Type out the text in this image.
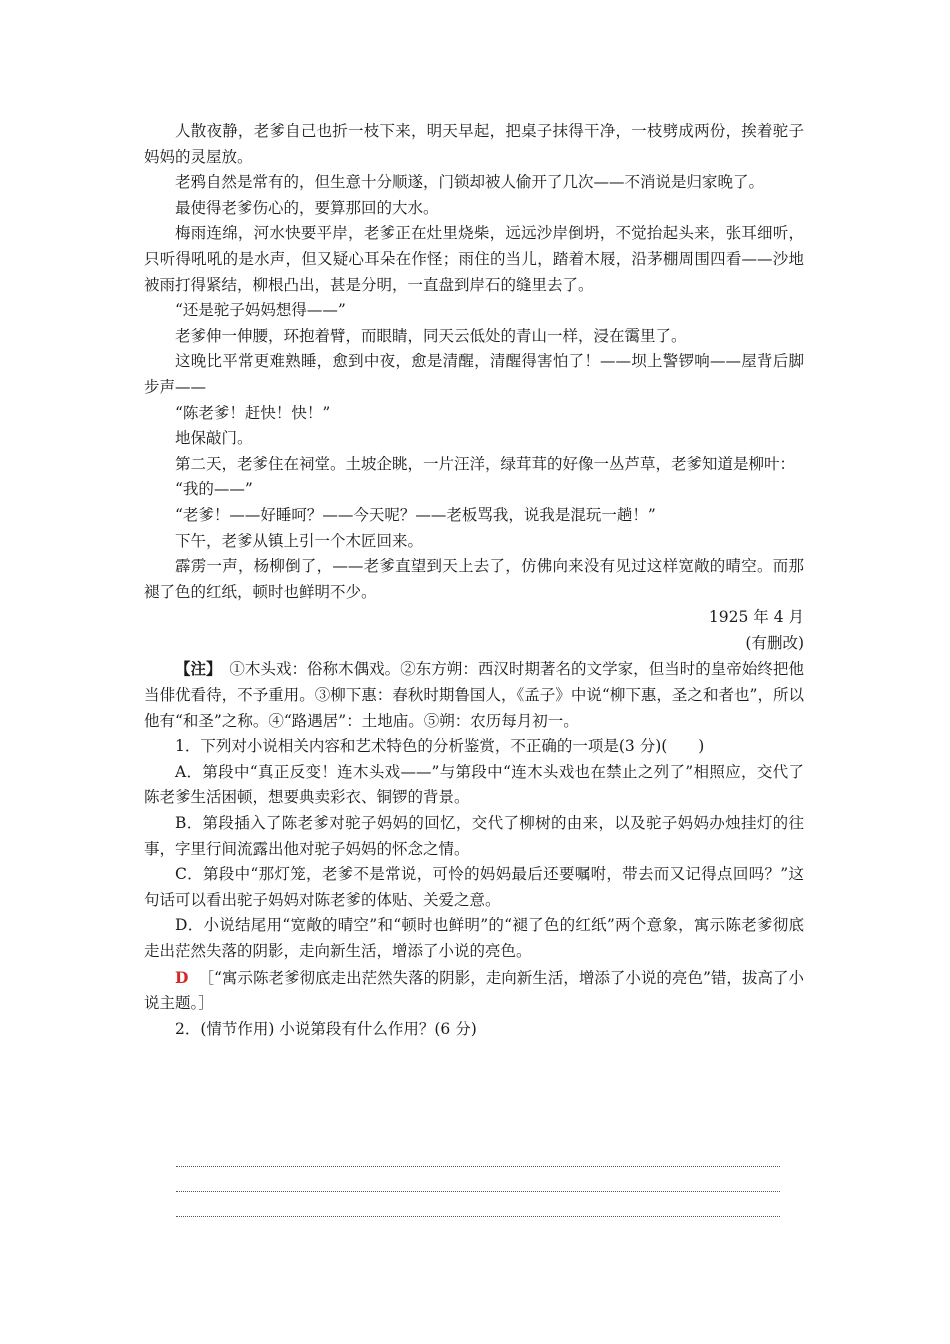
人散夜静，老爹自己也折一枝下来，明天早起，把桌子抹得干净，一枝劈成两份，挨着驼子妈妈的灵屋放。

老鸦自然是常有的，但生意十分顺遂，门锁却被人偷开了几次——不消说是归家晚了。

最使得老爹伤心的，要算那回的大水。

梅雨连绵，河水快要平岸，老爹正在灶里烧柴，远远沙岸倒坍，不觉抬起头来，张耳细听，只听得吼吼的是水声，但又疑心耳朵在作怪；雨住的当儿，踏着木屐，沿茅棚周围四看——沙地被雨打得紧结，柳根凸出，甚是分明，一直盘到岸石的缝里去了。

“还是驼子妈妈想得——”

老爹伸一伸腰，环抱着臂，而眼睛，同天云低处的青山一样，浸在霭里了。

这晚比平常更难熟睡，愈到中夜，愈是清醒，清醒得害怕了！——坝上警锣响——屋背后脚步声——

“陈老爹！赶快！快！”

地保敲门。

第二天，老爹住在祠堂。土坡企眺，一片汪洋，绿茸茸的好像一丛芦草，老爹知道是柳叶：

“我的——”

“老爹！——好睡呵？——今天呢？——老板骂我，说我是混玩一趟！”

下午，老爹从镇上引一个木匠回来。

霹雳一声，杨柳倒了，——老爹直望到天上去了，仿佛向来没有见过这样宽敞的晴空。而那褪了色的红纸，顿时也鲜明不少。

1925 年 4 月

(有删改)

【注】　 ①木头戏：俗称木偶戏。②东方朔：西汉时期著名的文学家，但当时的皇帝始终把他当俳优看待，不予重用。③柳下惠：春秋时期鲁国人，《孟子》中说“柳下惠，圣之和者也”，所以他有“和圣”之称。④“路遇居”：土地庙。⑤朔：农历每月初一。

1．下列对小说相关内容和艺术特色的分析鉴赏，不正确的一项是(3 分)(　　)

A．第段中“真正反变！连木头戏——”与第段中“连木头戏也在禁止之列了”相照应，交代了陈老爹生活困顿，想要典卖彩衣、铜锣的背景。

B．第段插入了陈老爹对驼子妈妈的回忆，交代了柳树的由来，以及驼子妈妈办烛挂灯的往事，字里行间流露出他对驼子妈妈的怀念之情。

C．第段中“那灯笼，老爹不是常说，可怜的妈妈最后还要嘱咐，带去而又记得点回吗？”这句话可以看出驼子妈妈对陈老爹的体贴、关爱之意。

D．小说结尾用“宽敞的晴空”和“顿时也鲜明”的“褪了色的红纸”两个意象，寓示陈老爹彻底走出茫然失落的阴影，走向新生活，增添了小说的亮色。

D ［“寓示陈老爹彻底走出茫然失落的阴影，走向新生活，增添了小说的亮色”错，拔高了小说主题。］

2．(情节作用) 小说第段有什么作用？(6 分)
